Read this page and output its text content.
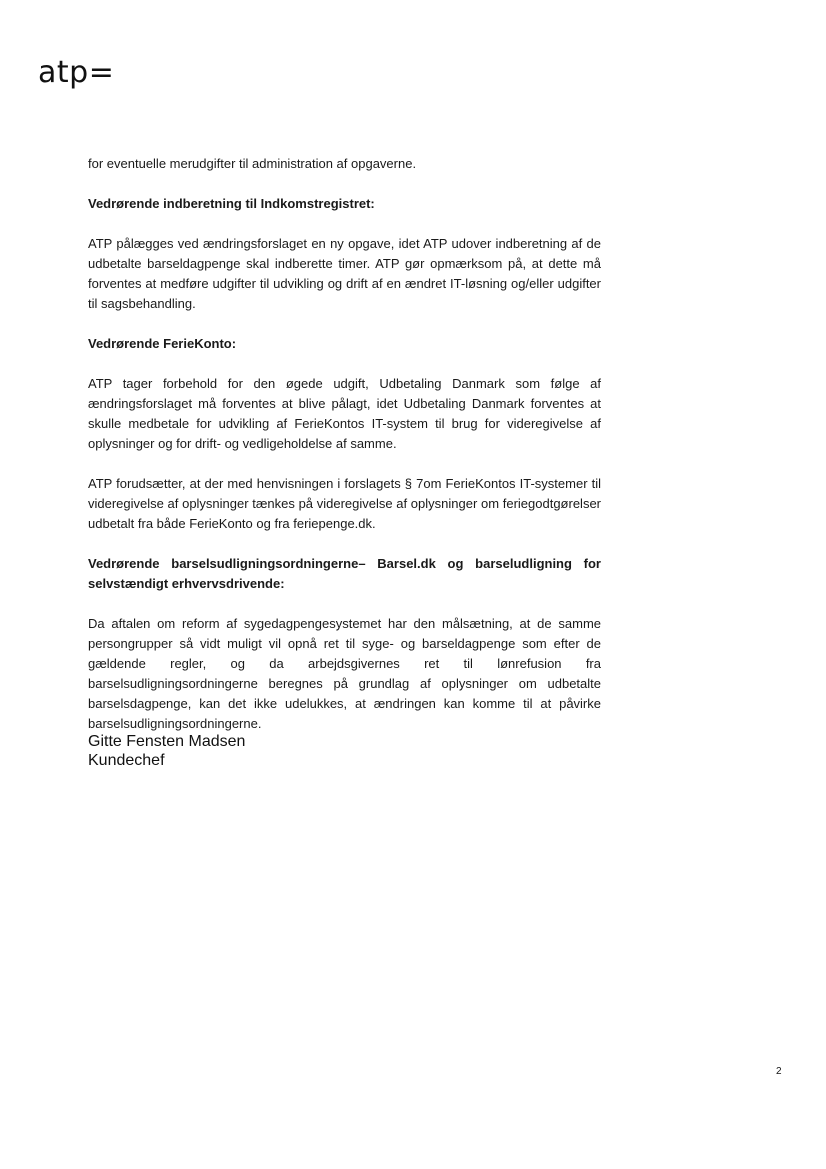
atp=

for eventuelle merudgifter til administration af opgaverne.

Vedrørende indberetning til Indkomstregistret:

ATP pålægges ved ændringsforslaget en ny opgave, idet ATP udover indberetning af de udbetalte barseldagpenge skal indberette timer. ATP gør opmærksom på, at dette må forventes at medføre udgifter til udvikling og drift af en ændret IT-løsning og/eller udgifter til sagsbehandling.

Vedrørende FerieKonto:

ATP tager forbehold for den øgede udgift, Udbetaling Danmark som følge af ændringsforslaget må forventes at blive pålagt, idet Udbetaling Danmark forventes at skulle medbetale for udvikling af FerieKontos IT-system til brug for videregivelse af oplysninger og for drift- og vedligeholdelse af samme.

ATP forudsætter, at der med henvisningen i forslagets § 7om FerieKontos IT-systemer til videregivelse af oplysninger tænkes på videregivelse af oplysninger om feriegodtgørelser udbetalt fra både FerieKonto og fra feriepenge.dk.

Vedrørende barselsudligningsordningerne– Barsel.dk og barseludligning for selvstændigt erhvervsdrivende:

Da aftalen om reform af sygedagpengesystemet har den målsætning, at de samme persongrupper så vidt muligt vil opnå ret til syge- og barseldagpenge som efter de gældende regler, og da arbejdsgivernes ret til lønrefusion fra barselsudligningsordningerne beregnes på grundlag af oplysninger om udbetalte barselsdagpenge, kan det ikke udelukkes, at ændringen kan komme til at påvirke barselsudligningsordningerne.

Gitte Fensten Madsen
Kundechef
2
